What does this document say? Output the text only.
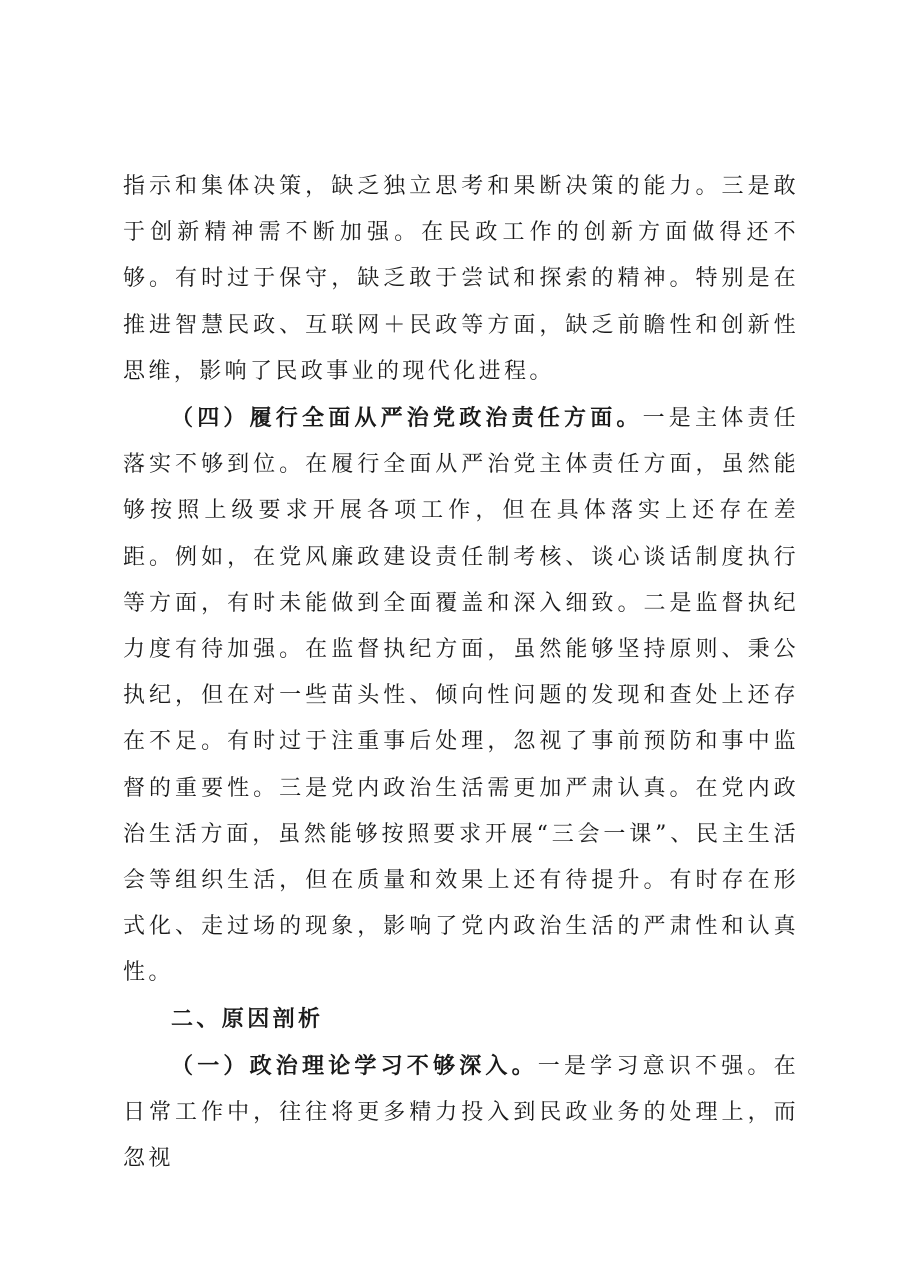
指示和集体决策，缺乏独立思考和果断决策的能力。三是敢于创新精神需不断加强。在民政工作的创新方面做得还不够。有时过于保守，缺乏敢于尝试和探索的精神。特别是在推进智慧民政、互联网＋民政等方面，缺乏前瞻性和创新性思维，影响了民政事业的现代化进程。

（四）履行全面从严治党政治责任方面。一是主体责任落实不够到位。在履行全面从严治党主体责任方面，虽然能够按照上级要求开展各项工作，但在具体落实上还存在差距。例如，在党风廉政建设责任制考核、谈心谈话制度执行等方面，有时未能做到全面覆盖和深入细致。二是监督执纪力度有待加强。在监督执纪方面，虽然能够坚持原则、秉公执纪，但在对一些苗头性、倾向性问题的发现和查处上还存在不足。有时过于注重事后处理，忽视了事前预防和事中监督的重要性。三是党内政治生活需更加严肃认真。在党内政治生活方面，虽然能够按照要求开展“三会一课”、民主生活会等组织生活，但在质量和效果上还有待提升。有时存在形式化、走过场的现象，影响了党内政治生活的严肃性和认真性。

二、原因剖析

（一）政治理论学习不够深入。一是学习意识不强。在日常工作中，往往将更多精力投入到民政业务的处理上，而忽视
